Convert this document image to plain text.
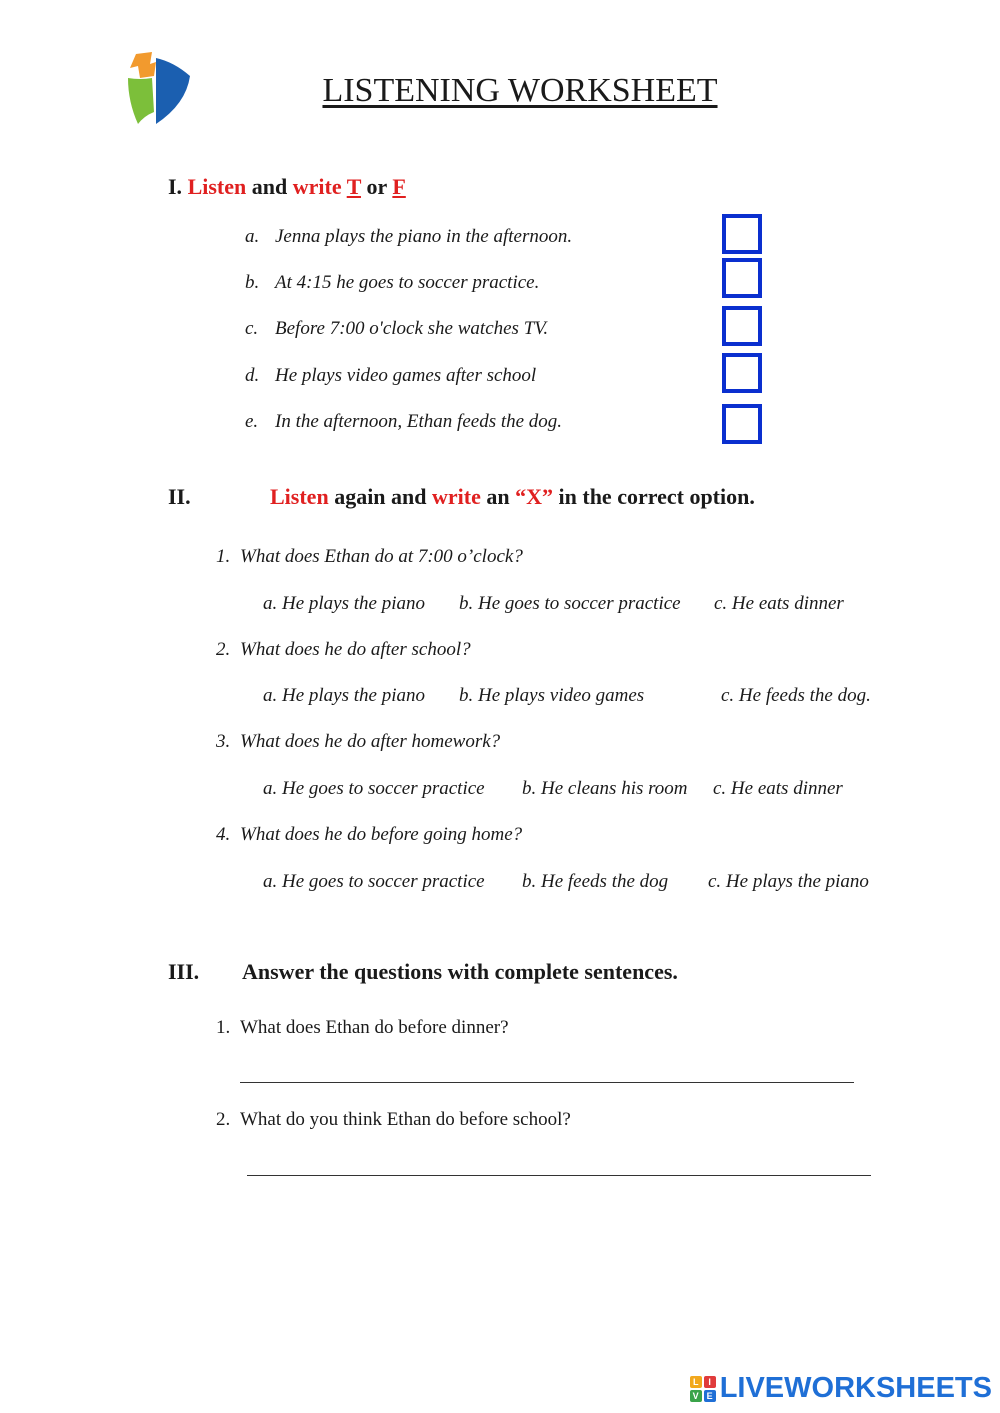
LISTENING WORKSHEET
I. Listen and write T or F
a. Jenna plays the piano in the afternoon.
b. At 4:15 he goes to soccer practice.
c. Before 7:00 o'clock she watches TV.
d. He plays video games after school
e. In the afternoon, Ethan feeds the dog.
II.	Listen again and write an “X” in the correct option.
1. What does Ethan do at 7:00 o’clock?
a. He plays the piano b. He goes to soccer practice c. He eats dinner
2. What does he do after school?
a. He plays the piano b. He plays video games	c. He feeds the dog.
3. What does he do after homework?
a. He goes to soccer practice b. He cleans his room c. He eats dinner
4. What does he do before going home?
a. He goes to soccer practice b. He feeds the dog c. He plays the piano
III. Answer the questions with complete sentences.
1. What does Ethan do before dinner?
2. What do you think Ethan do before school?
L	I
V E LIVEWORKSHEETS
